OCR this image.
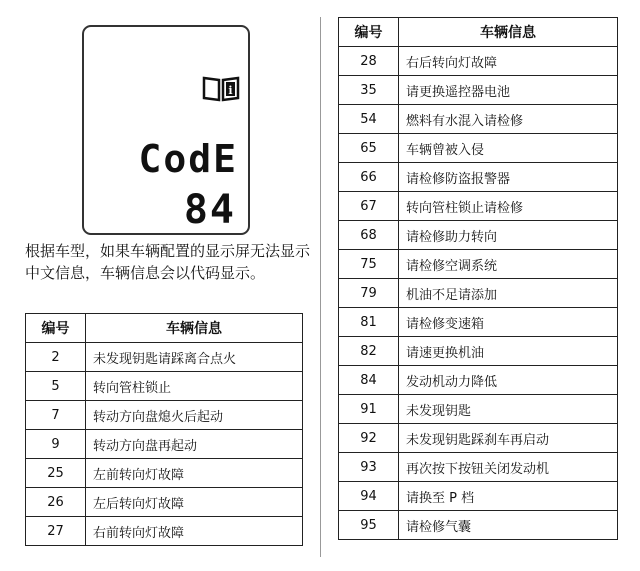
i
CodE
84
根据车型，如果车辆配置的显示屏无法显示中文信息，车辆信息会以代码显示。
编号	车辆信息
2	未发现钥匙请踩离合点火
5	转向管柱锁止
7	转动方向盘熄火后起动
9	转动方向盘再起动
25	左前转向灯故障
26	左后转向灯故障
27	右前转向灯故障
编号	车辆信息
28	右后转向灯故障
35	请更换遥控器电池
54	燃料有水混入请检修
65	车辆曾被入侵
66	请检修防盗报警器
67	转向管柱锁止请检修
68	请检修助力转向
75	请检修空调系统
79	机油不足请添加
81	请检修变速箱
82	请速更换机油
84	发动机动力降低
91	未发现钥匙
92	未发现钥匙踩刹车再启动
93	再次按下按钮关闭发动机
94	请换至 P 档
95	请检修气囊
